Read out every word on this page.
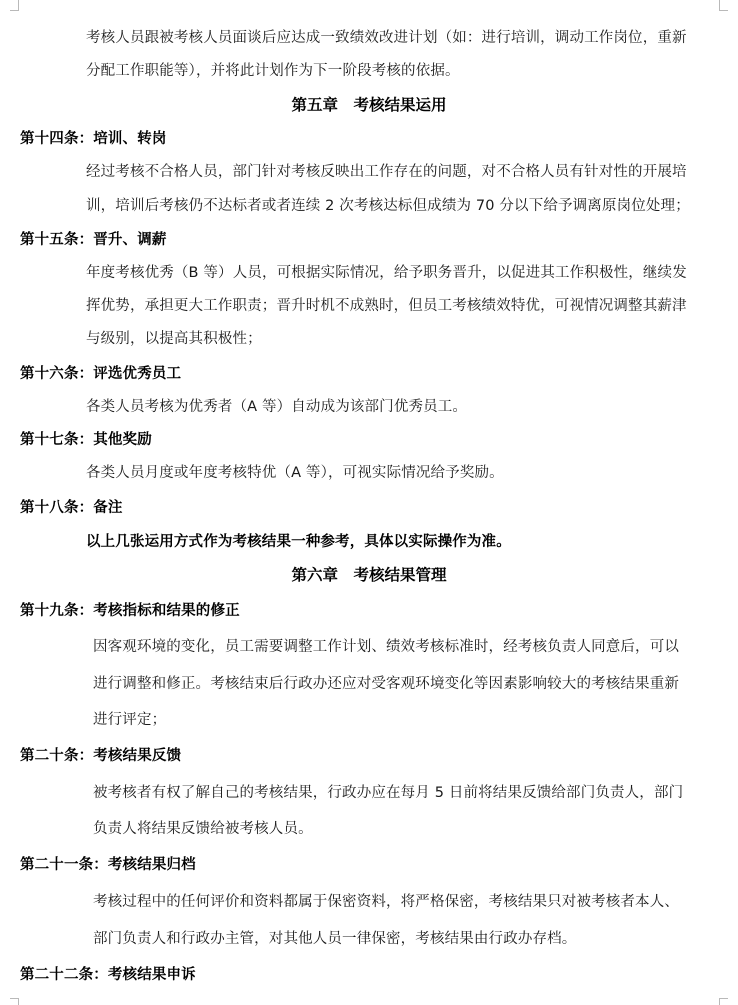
考核人员跟被考核人员面谈后应达成一致绩效改进计划（如：进行培训，调动工作岗位，重新
分配工作职能等），并将此计划作为下一阶段考核的依据。
第五章　考核结果运用
第十四条：培训、转岗
经过考核不合格人员，部门针对考核反映出工作存在的问题，对不合格人员有针对性的开展培
训，培训后考核仍不达标者或者连续 2 次考核达标但成绩为 70 分以下给予调离原岗位处理；
第十五条：晋升、调薪
年度考核优秀（B 等）人员，可根据实际情况，给予职务晋升，以促进其工作积极性，继续发
挥优势，承担更大工作职责；晋升时机不成熟时，但员工考核绩效特优，可视情况调整其薪津
与级别，以提高其积极性；
第十六条：评选优秀员工
各类人员考核为优秀者（A 等）自动成为该部门优秀员工。
第十七条：其他奖励
各类人员月度或年度考核特优（A 等），可视实际情况给予奖励。
第十八条：备注
以上几张运用方式作为考核结果一种参考，具体以实际操作为准。
第六章　考核结果管理
第十九条：考核指标和结果的修正
因客观环境的变化，员工需要调整工作计划、绩效考核标准时，经考核负责人同意后，可以
进行调整和修正。考核结束后行政办还应对受客观环境变化等因素影响较大的考核结果重新
进行评定；
第二十条：考核结果反馈
被考核者有权了解自己的考核结果，行政办应在每月 5 日前将结果反馈给部门负责人，部门
负责人将结果反馈给被考核人员。
第二十一条：考核结果归档
考核过程中的任何评价和资料都属于保密资料，将严格保密，考核结果只对被考核者本人、
部门负责人和行政办主管，对其他人员一律保密，考核结果由行政办存档。
第二十二条：考核结果申诉
